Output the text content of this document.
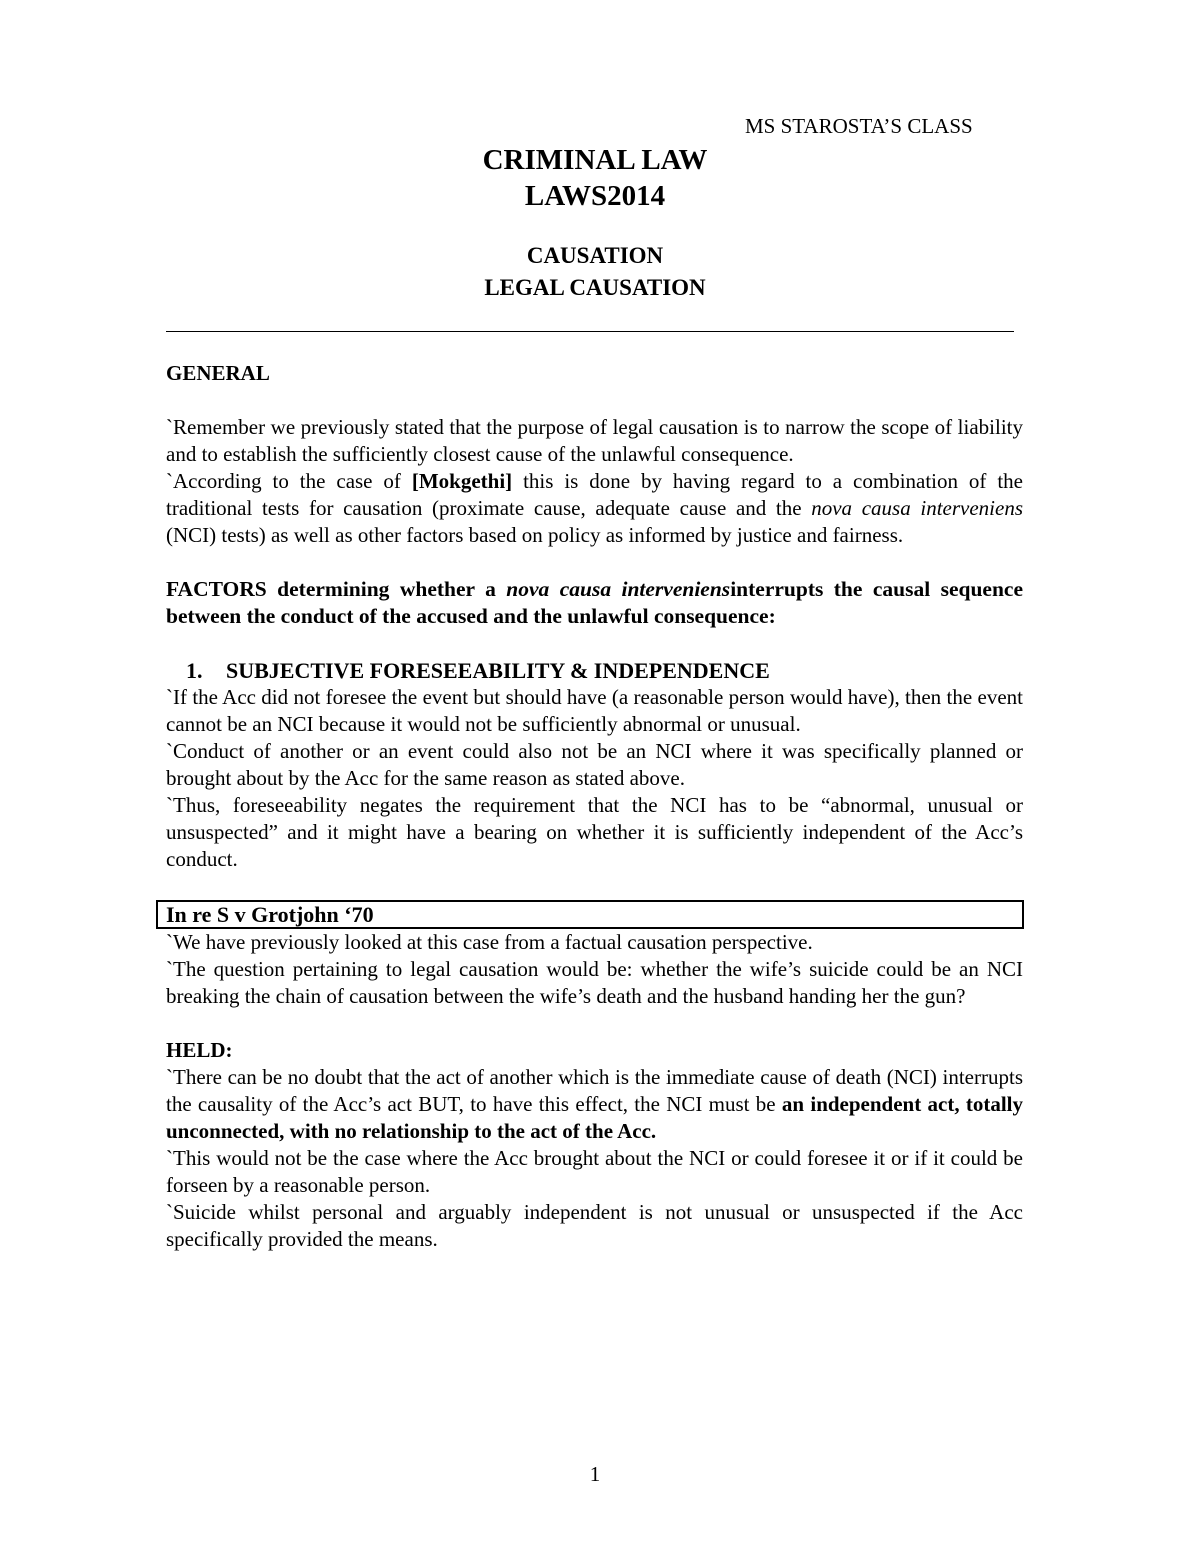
MS STAROSTA’S CLASS
CRIMINAL LAW
LAWS2014
CAUSATION
LEGAL CAUSATION

GENERAL

`Remember we previously stated that the purpose of legal causation is to narrow the scope of liability and to establish the sufficiently closest cause of the unlawful consequence.

`According to the case of [Mokgethi] this is done by having regard to a combination of the traditional tests for causation (proximate cause, adequate cause and the nova causa interveniens (NCI) tests) as well as other factors based on policy as informed by justice and fairness.

FACTORS determining whether a nova causa interveniensinterrupts the causal sequence between the conduct of the accused and the unlawful consequence:

1. SUBJECTIVE FORESEEABILITY & INDEPENDENCE

`If the Acc did not foresee the event but should have (a reasonable person would have), then the event cannot be an NCI because it would not be sufficiently abnormal or unusual.

`Conduct of another or an event could also not be an NCI where it was specifically planned or brought about by the Acc for the same reason as stated above.

`Thus, foreseeability negates the requirement that the NCI has to be “abnormal, unusual or unsuspected” and it might have a bearing on whether it is sufficiently independent of the Acc’s conduct.

In re S v Grotjohn ‘70

`We have previously looked at this case from a factual causation perspective.

`The question pertaining to legal causation would be: whether the wife’s suicide could be an NCI breaking the chain of causation between the wife’s death and the husband handing her the gun?

HELD:

`There can be no doubt that the act of another which is the immediate cause of death (NCI) interrupts the causality of the Acc’s act BUT, to have this effect, the NCI must be an independent act, totally unconnected, with no relationship to the act of the Acc.

`This would not be the case where the Acc brought about the NCI or could foresee it or if it could be forseen by a reasonable person.

`Suicide whilst personal and arguably independent is not unusual or unsuspected if the Acc specifically provided the means.

1
